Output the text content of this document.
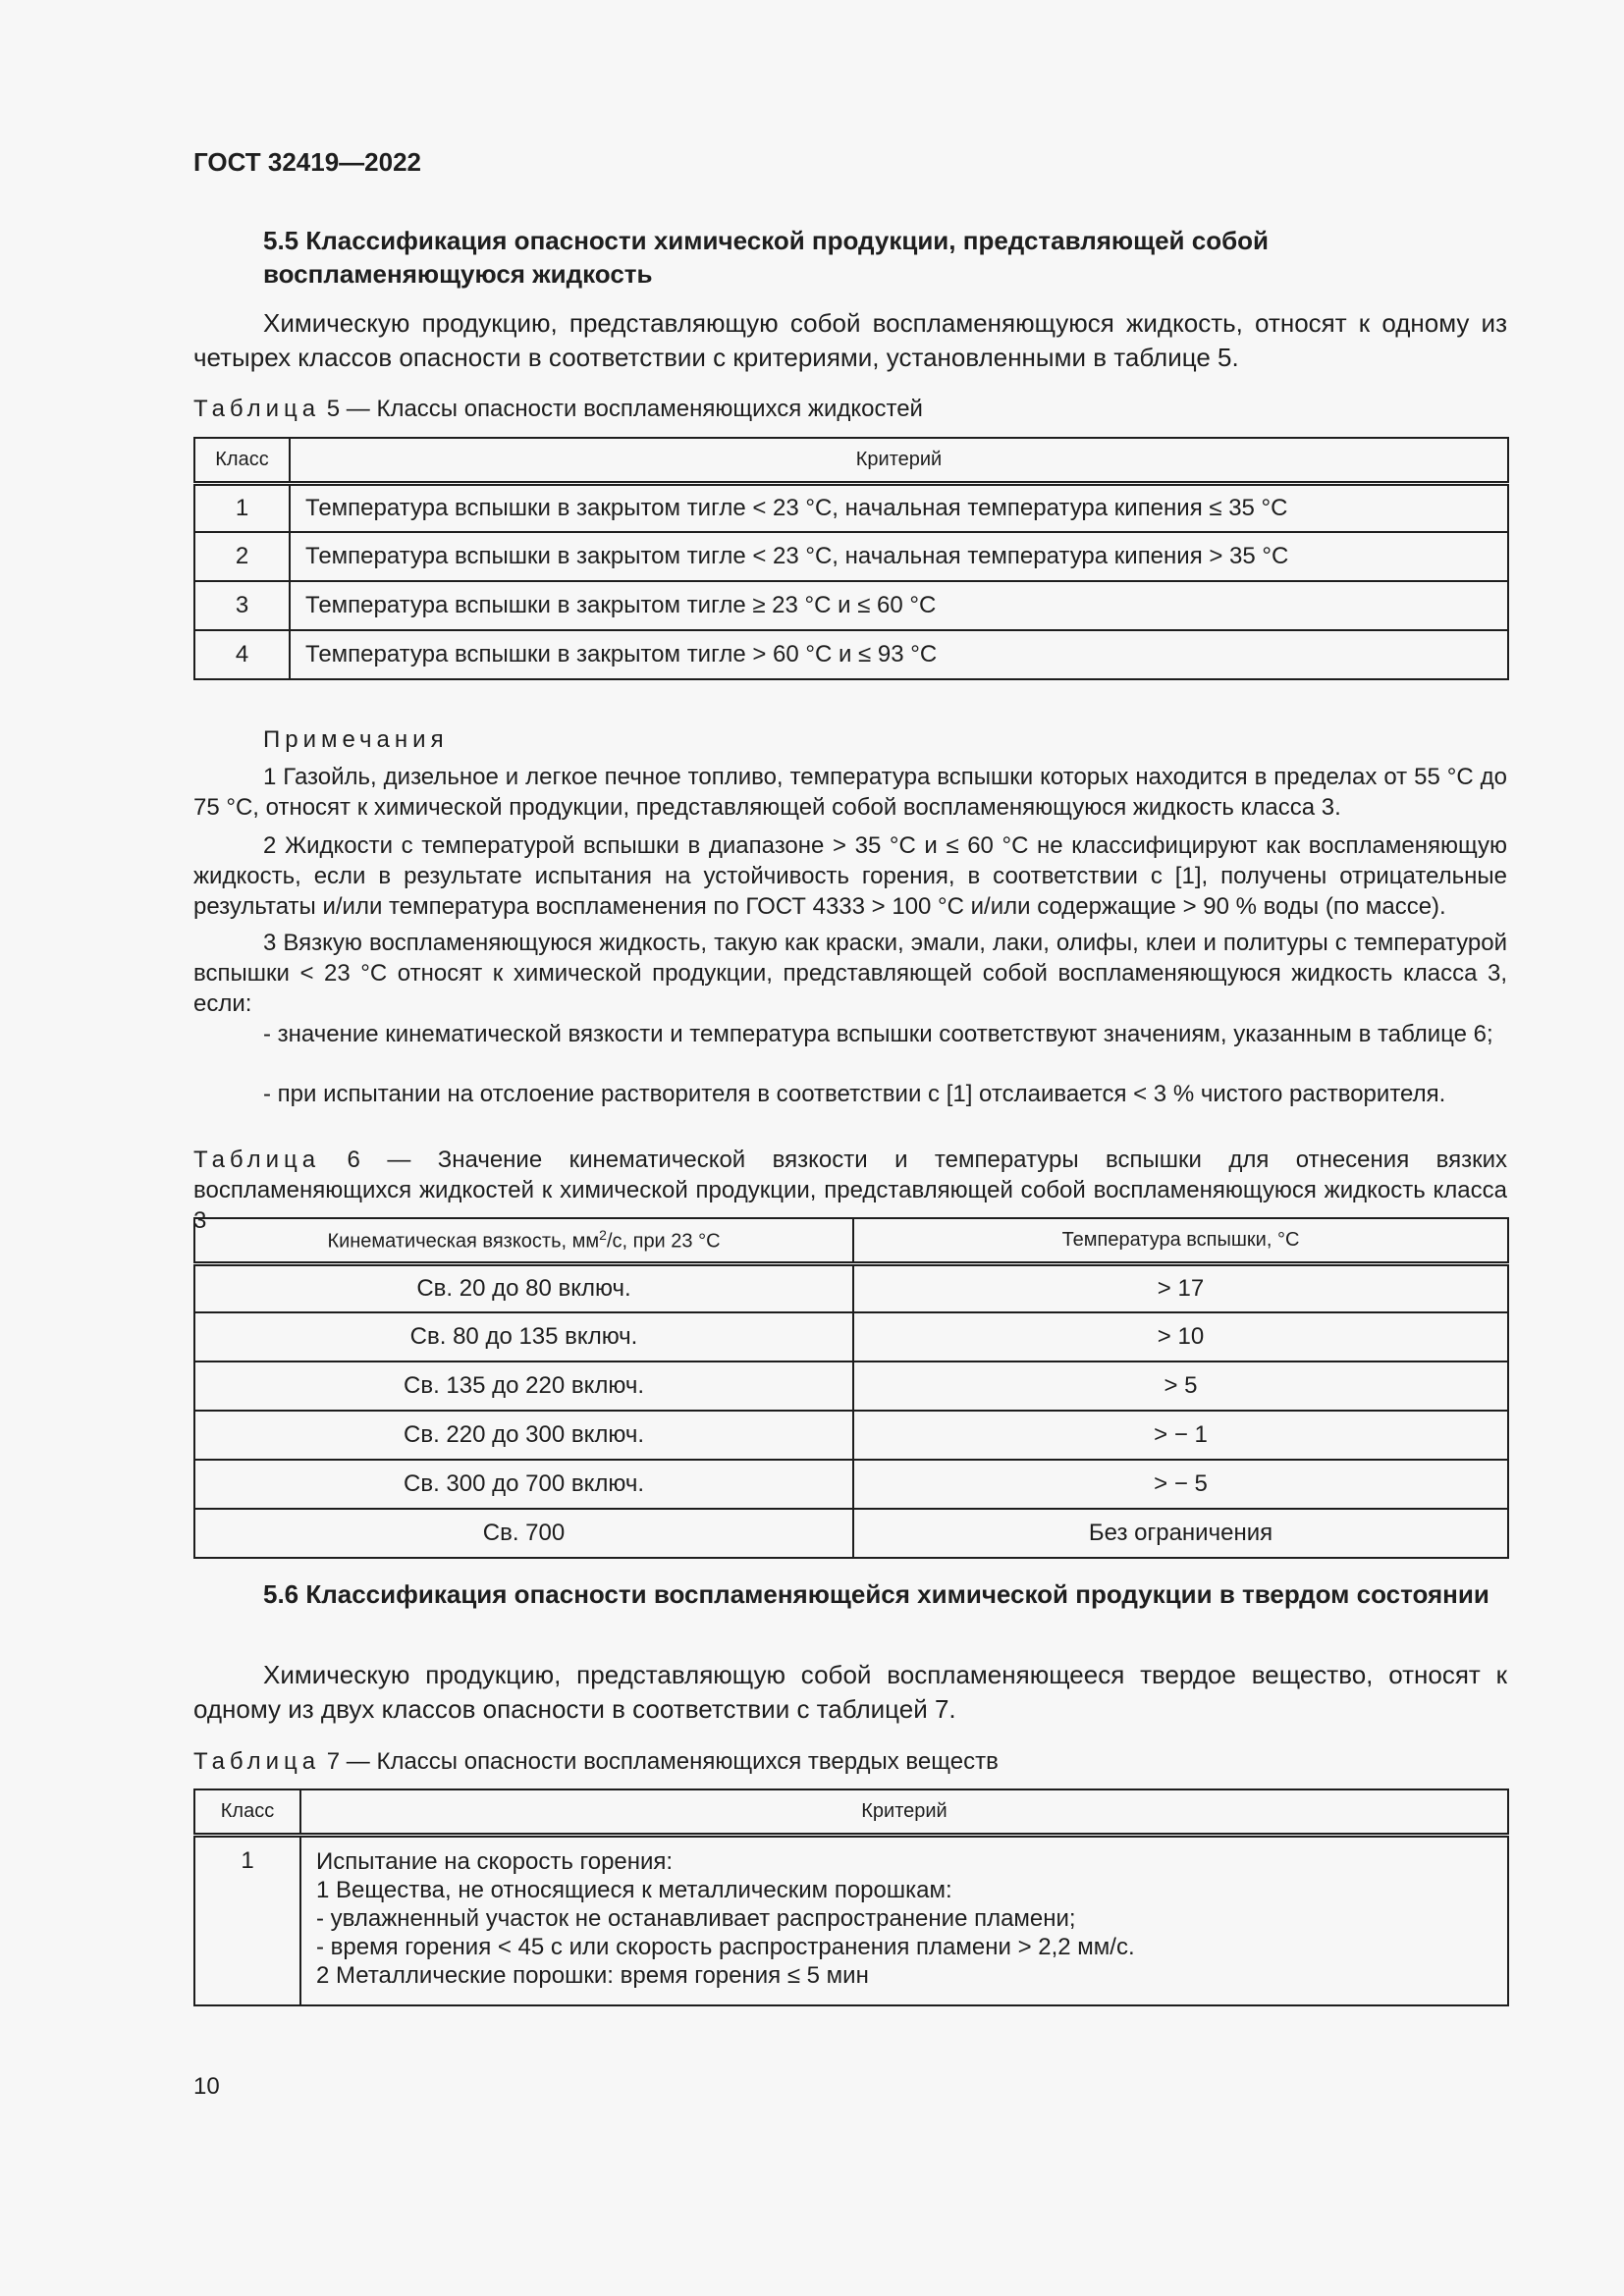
ГОСТ 32419—2022
5.5 Классификация опасности химической продукции, представляющей собой воспламеняющуюся жидкость
Химическую продукцию, представляющую собой воспламеняющуюся жидкость, относят к одному из четырех классов опасности в соответствии с критериями, установленными в таблице 5.
Таблица 5 — Классы опасности воспламеняющихся жидкостей
Класс	Критерий
1	Температура вспышки в закрытом тигле < 23 °С, начальная температура кипения ≤ 35 °С
2	Температура вспышки в закрытом тигле < 23 °С, начальная температура кипения > 35 °С
3	Температура вспышки в закрытом тигле ≥ 23 °С и ≤ 60 °С
4	Температура вспышки в закрытом тигле > 60 °С и ≤ 93 °С
Примечания
1 Газойль, дизельное и легкое печное топливо, температура вспышки которых находится в пределах от 55 °С до 75 °С, относят к химической продукции, представляющей собой воспламеняющуюся жидкость класса 3.
2 Жидкости с температурой вспышки в диапазоне > 35 °С и ≤ 60 °С не классифицируют как воспламеняющую жидкость, если в результате испытания на устойчивость горения, в соответствии с [1], получены отрицательные результаты и/или температура воспламенения по ГОСТ 4333 > 100 °С и/или содержащие > 90 % воды (по массе).
3 Вязкую воспламеняющуюся жидкость, такую как краски, эмали, лаки, олифы, клеи и политуры с температурой вспышки < 23 °С относят к химической продукции, представляющей собой воспламеняющуюся жидкость класса 3, если:
- значение кинематической вязкости и температура вспышки соответствуют значениям, указанным в таблице 6;
- при испытании на отслоение растворителя в соответствии с [1] отслаивается < 3 % чистого растворителя.
Таблица 6 — Значение кинематической вязкости и температуры вспышки для отнесения вязких воспламеняющихся жидкостей к химической продукции, представляющей собой воспламеняющуюся жидкость класса 3
Кинематическая вязкость, $мм^2/с$, при 23 °С	Температура вспышки, °С
Св. 20 до 80 включ.	> 17
Св. 80 до 135 включ.	> 10
Св. 135 до 220 включ.	> 5
Св. 220 до 300 включ.	> − 1
Св. 300 до 700 включ.	> − 5
Св. 700	Без ограничения
5.6 Классификация опасности воспламеняющейся химической продукции в твердом состоянии
Химическую продукцию, представляющую собой воспламеняющееся твердое вещество, относят к одному из двух классов опасности в соответствии с таблицей 7.
Таблица 7 — Классы опасности воспламеняющихся твердых веществ
Класс	Критерий
1	Испытание на скорость горения:
1 Вещества, не относящиеся к металлическим порошкам:
- увлажненный участок не останавливает распространение пламени;
- время горения < 45 с или скорость распространения пламени > 2,2 мм/с.
2 Металлические порошки: время горения ≤ 5 мин
10
